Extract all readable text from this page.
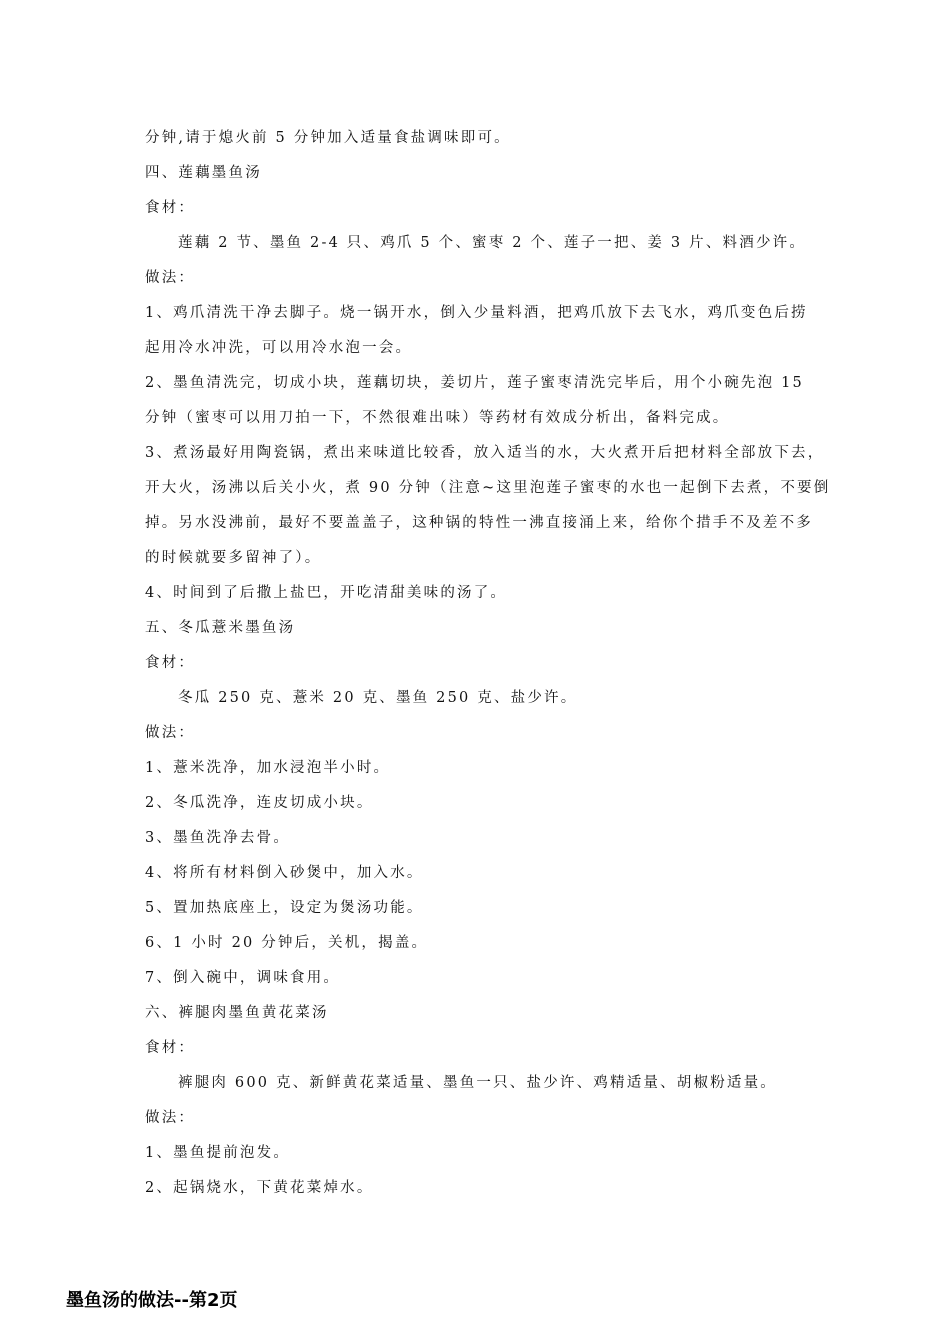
分钟,请于熄火前 5 分钟加入适量食盐调味即可。
四、莲藕墨鱼汤
食材：
莲藕 2 节、墨鱼 2-4 只、鸡爪 5 个、蜜枣 2 个、莲子一把、姜 3 片、料酒少许。
做法：
1、鸡爪清洗干净去脚子。烧一锅开水，倒入少量料酒，把鸡爪放下去飞水，鸡爪变色后捞
起用冷水冲洗，可以用冷水泡一会。
2、墨鱼清洗完，切成小块，莲藕切块，姜切片，莲子蜜枣清洗完毕后，用个小碗先泡 15
分钟（蜜枣可以用刀拍一下，不然很难出味）等药材有效成分析出，备料完成。
3、煮汤最好用陶瓷锅，煮出来味道比较香，放入适当的水，大火煮开后把材料全部放下去，
开大火，汤沸以后关小火，煮 90 分钟（注意~这里泡莲子蜜枣的水也一起倒下去煮，不要倒
掉。另水没沸前，最好不要盖盖子，这种锅的特性一沸直接涌上来，给你个措手不及差不多
的时候就要多留神了）。
4、时间到了后撒上盐巴，开吃清甜美味的汤了。
五、冬瓜薏米墨鱼汤
食材：
冬瓜 250 克、薏米 20 克、墨鱼 250 克、盐少许。
做法：
1、薏米洗净，加水浸泡半小时。
2、冬瓜洗净，连皮切成小块。
3、墨鱼洗净去骨。
4、将所有材料倒入砂煲中，加入水。
5、置加热底座上，设定为煲汤功能。
6、1 小时 20 分钟后，关机，揭盖。
7、倒入碗中，调味食用。
六、裤腿肉墨鱼黄花菜汤
食材：
裤腿肉 600 克、新鲜黄花菜适量、墨鱼一只、盐少许、鸡精适量、胡椒粉适量。
做法：
1、墨鱼提前泡发。
2、起锅烧水，下黄花菜焯水。
墨鱼汤的做法--第2页
